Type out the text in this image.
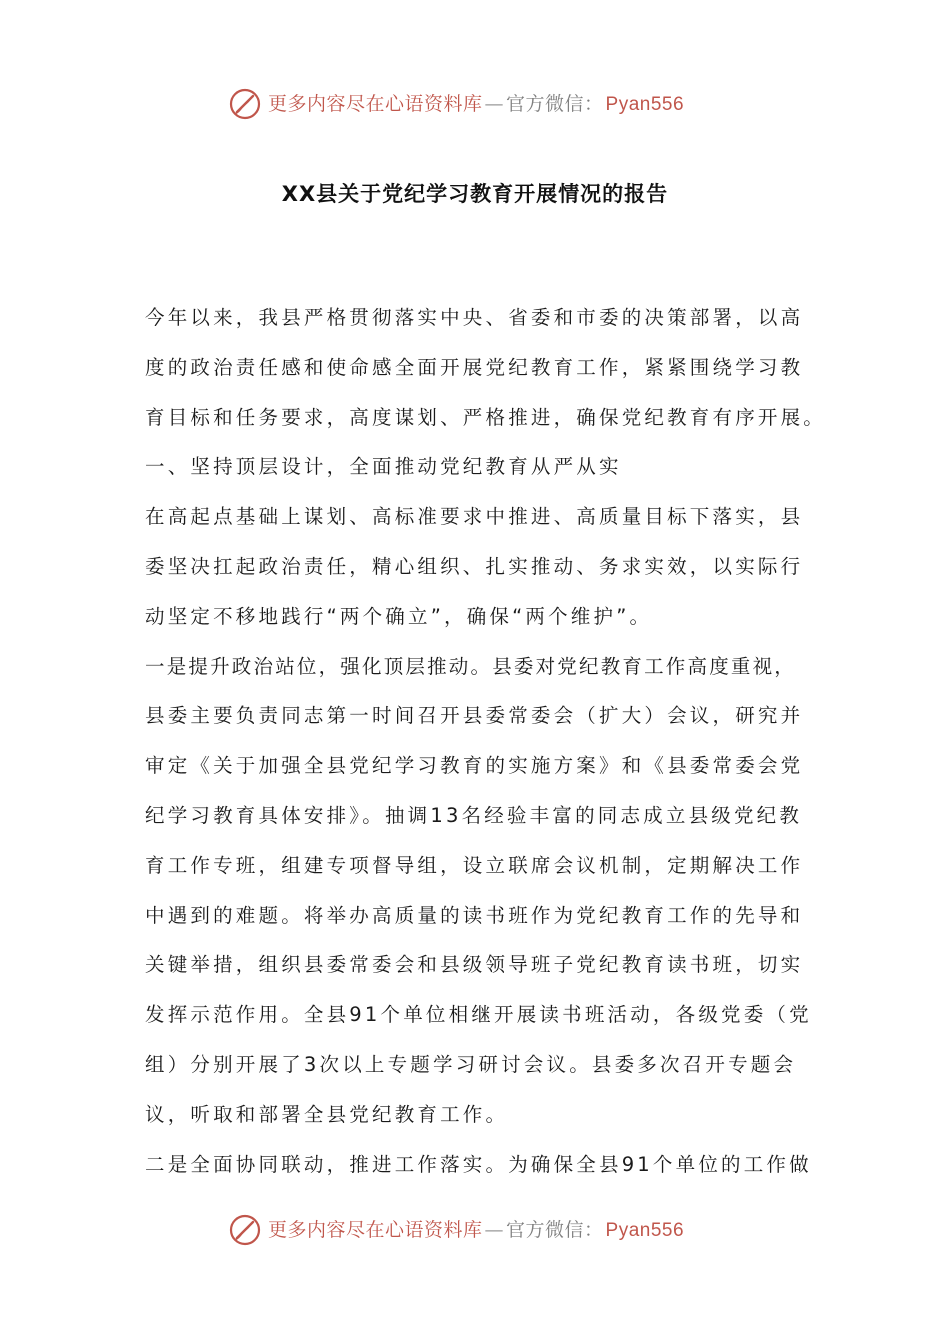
更多内容尽在心语资料库 — 官方微信： Pyan556
XX县关于党纪学习教育开展情况的报告
今年以来，我县严格贯彻落实中央、省委和市委的决策部署，以高
度的政治责任感和使命感全面开展党纪教育工作，紧紧围绕学习教
育目标和任务要求，高度谋划、严格推进，确保党纪教育有序开展。
一、坚持顶层设计，全面推动党纪教育从严从实
在高起点基础上谋划、高标准要求中推进、高质量目标下落实，县
委坚决扛起政治责任，精心组织、扎实推动、务求实效，以实际行
动坚定不移地践行“两个确立”，确保“两个维护”。
一是提升政治站位，强化顶层推动。县委对党纪教育工作高度重视，
县委主要负责同志第一时间召开县委常委会（扩大）会议，研究并
审定《关于加强全县党纪学习教育的实施方案》和《县委常委会党
纪学习教育具体安排》。抽调13名经验丰富的同志成立县级党纪教
育工作专班，组建专项督导组，设立联席会议机制，定期解决工作
中遇到的难题。将举办高质量的读书班作为党纪教育工作的先导和
关键举措，组织县委常委会和县级领导班子党纪教育读书班，切实
发挥示范作用。全县91个单位相继开展读书班活动，各级党委（党
组）分别开展了3次以上专题学习研讨会议。县委多次召开专题会
议，听取和部署全县党纪教育工作。
二是全面协同联动，推进工作落实。为确保全县91个单位的工作做
更多内容尽在心语资料库 — 官方微信： Pyan556
